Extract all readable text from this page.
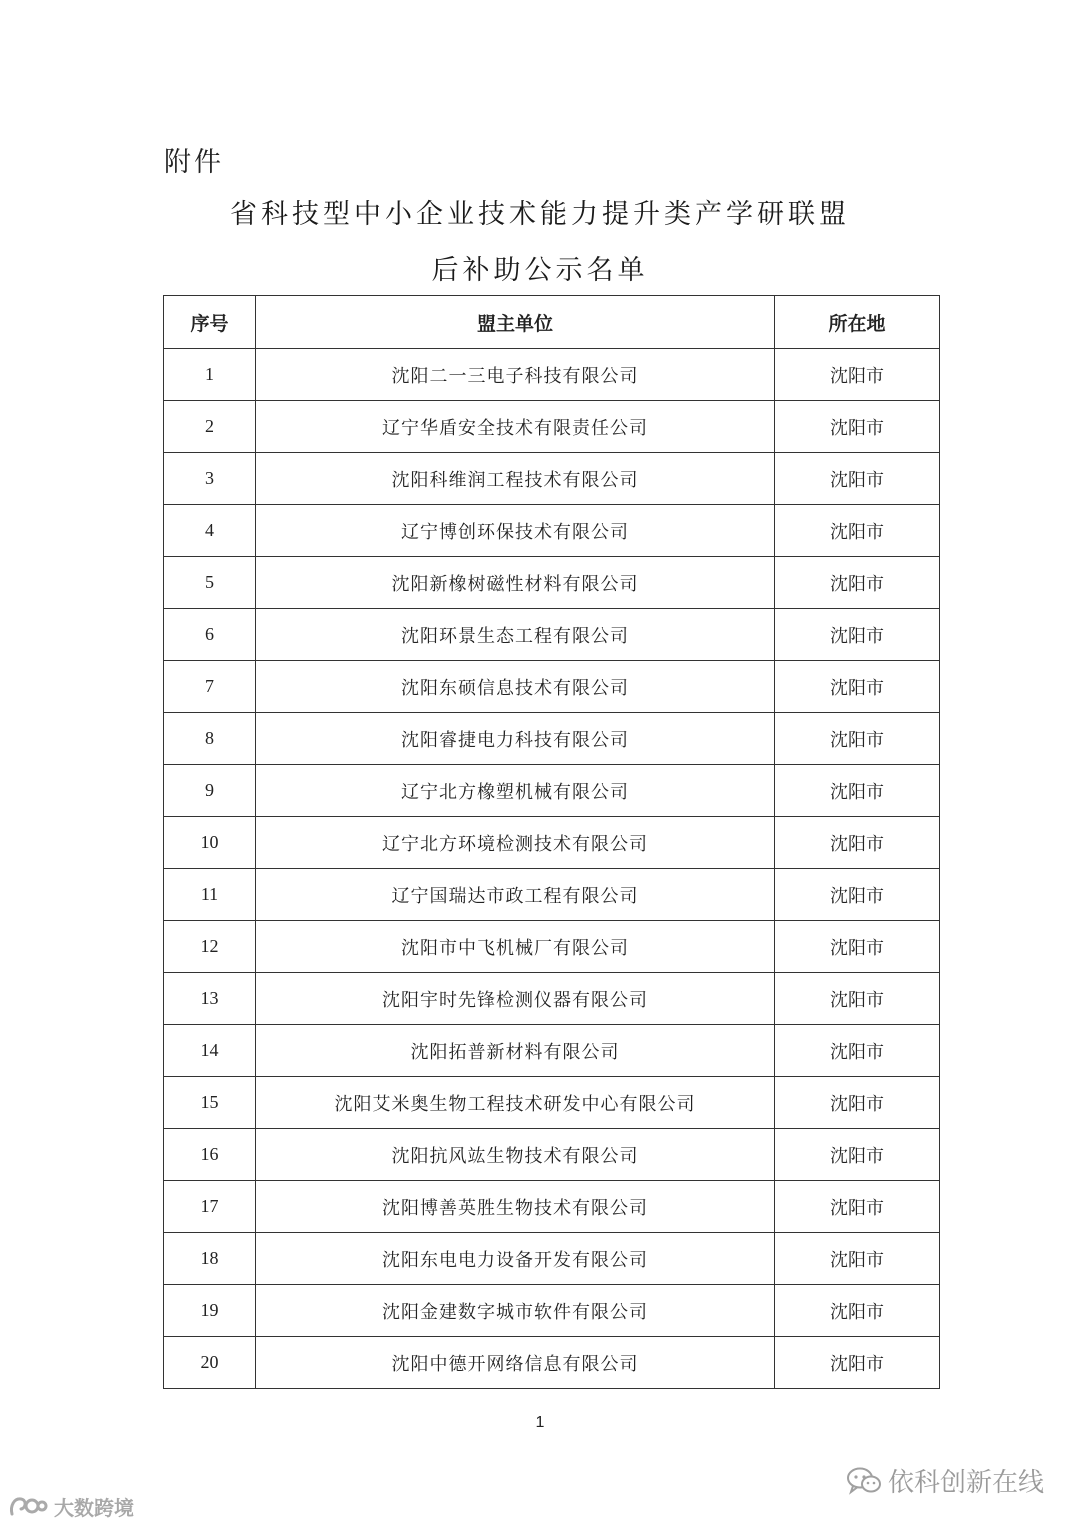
附件
省科技型中小企业技术能力提升类产学研联盟
后补助公示名单
序号	盟主单位	所在地
1	沈阳二一三电子科技有限公司	沈阳市
2	辽宁华盾安全技术有限责任公司	沈阳市
3	沈阳科维润工程技术有限公司	沈阳市
4	辽宁博创环保技术有限公司	沈阳市
5	沈阳新橡树磁性材料有限公司	沈阳市
6	沈阳环景生态工程有限公司	沈阳市
7	沈阳东硕信息技术有限公司	沈阳市
8	沈阳睿捷电力科技有限公司	沈阳市
9	辽宁北方橡塑机械有限公司	沈阳市
10	辽宁北方环境检测技术有限公司	沈阳市
11	辽宁国瑞达市政工程有限公司	沈阳市
12	沈阳市中飞机械厂有限公司	沈阳市
13	沈阳宇时先锋检测仪器有限公司	沈阳市
14	沈阳拓普新材料有限公司	沈阳市
15	沈阳艾米奥生物工程技术研发中心有限公司	沈阳市
16	沈阳抗风竑生物技术有限公司	沈阳市
17	沈阳博善英胜生物技术有限公司	沈阳市
18	沈阳东电电力设备开发有限公司	沈阳市
19	沈阳金建数字城市软件有限公司	沈阳市
20	沈阳中德开网络信息有限公司	沈阳市
1
依科创新在线
大数跨境
